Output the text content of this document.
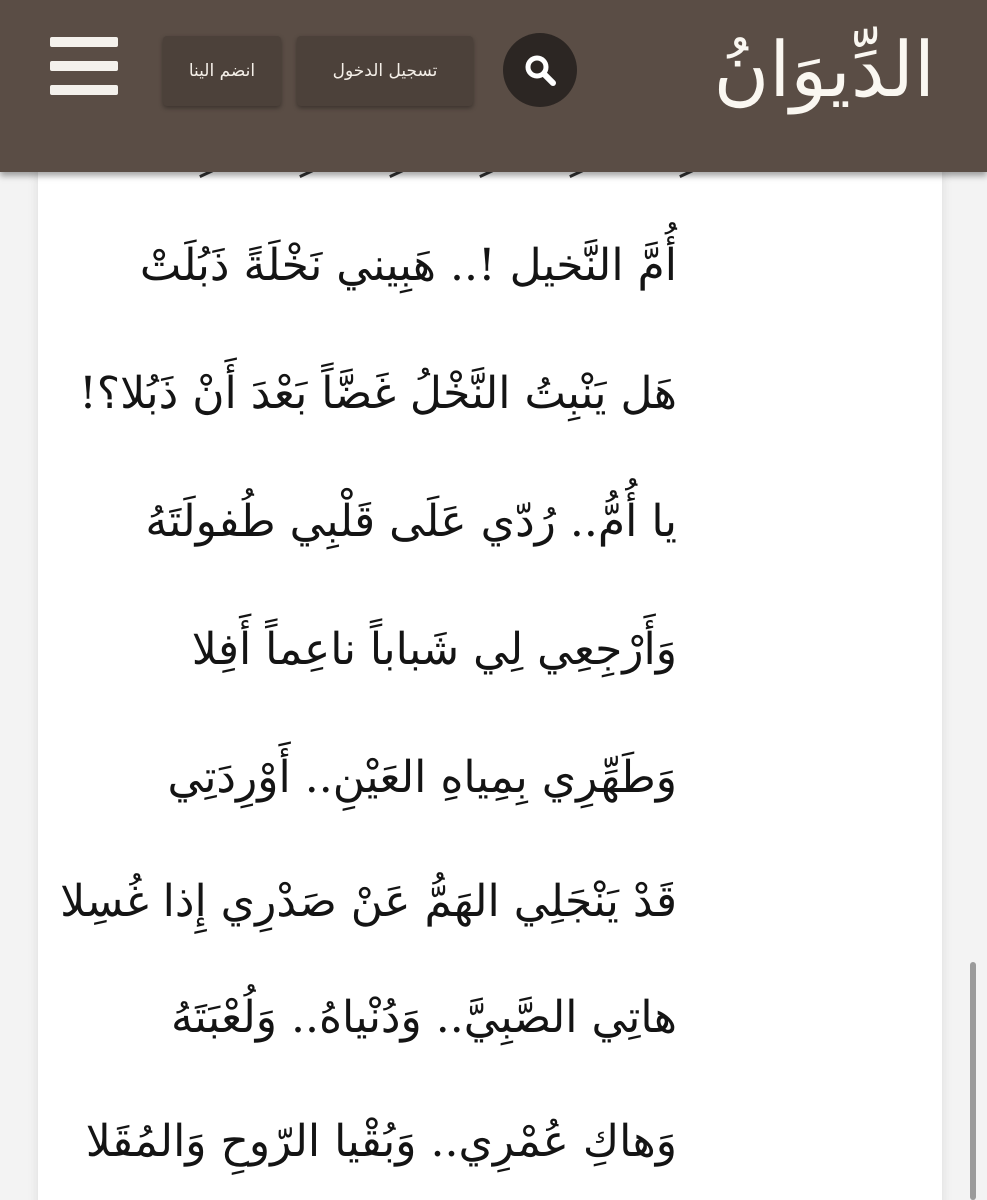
انضم الينا	تسجيل الدخول	الدِّيوَانُ
أُمَّ النَّخيل !.. هَبِيني نَخْلَةً ذَبُلَتْ
هَل يَنْبِتُ النَّخْلُ غَضَّاً بَعْدَ أَنْ ذَبُلا؟!
يا أُمُّ.. رُدّي عَلَى قَلْبِي طُفولَتَهُ
وَأَرْجِعِي لِي شَباباً ناعِماً أَفِلا
وَطَهِّرِي بِمِياهِ العَيْنِ.. أَوْرِدَتِي
قَدْ يَنْجَلِي الهَمُّ عَنْ صَدْرِي إِذا غُسِلا
هاتِي الصَّبِيَّ.. وَدُنْياهُ.. وَلُعْبَتَهُ
وَهاكِ عُمْرِي.. وَبُقْيا الرّوحِ وَالمُقَلا
